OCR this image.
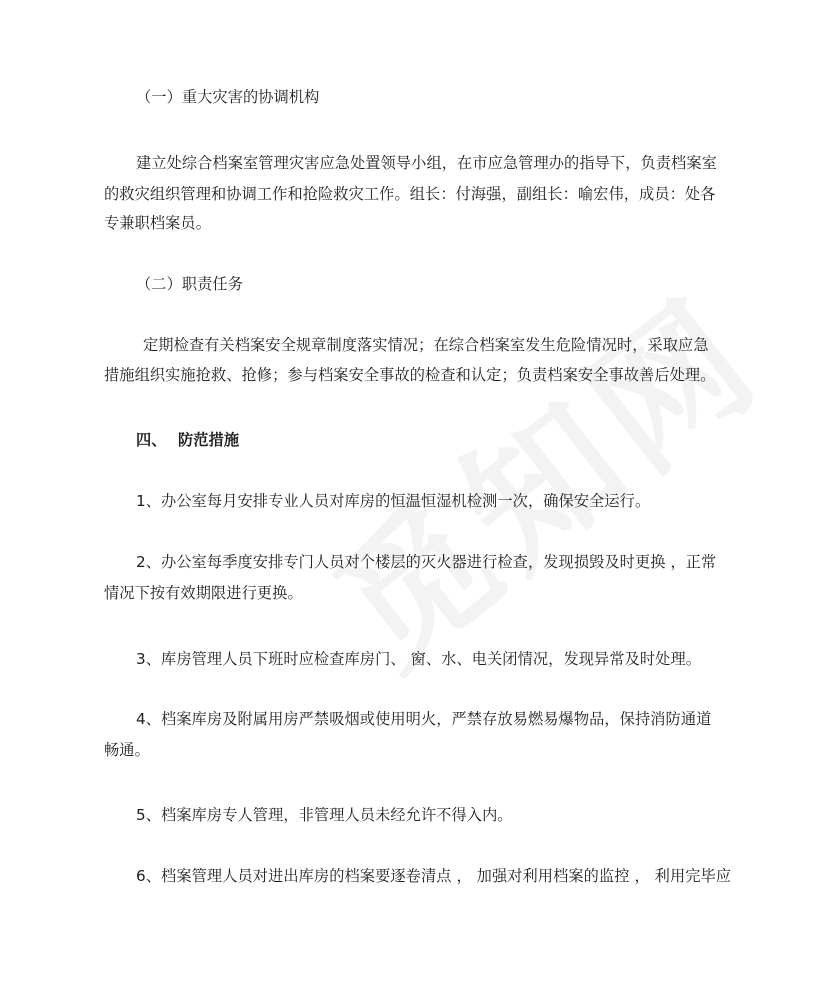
（一）重大灾害的协调机构

建立处综合档案室管理灾害应急处置领导小组，在市应急管理办的指导下，负责档案室

的救灾组织管理和协调工作和抢险救灾工作。组长：付海强，副组长：喻宏伟，成员：处各

专兼职档案员。

（二）职责任务

定期检查有关档案安全规章制度落实情况；在综合档案室发生危险情况时，采取应急

措施组织实施抢救、抢修；参与档案安全事故的检查和认定；负责档案安全事故善后处理。

四、 防范措施

1、办公室每月安排专业人员对库房的恒温恒湿机检测一次，确保安全运行。

2、办公室每季度安排专门人员对个楼层的灭火器进行检查，发现损毁及时更换 ，正常

情况下按有效期限进行更换。

3、库房管理人员下班时应检查库房门、 窗、水、电关闭情况，发现异常及时处理。

4、档案库房及附属用房严禁吸烟或使用明火，严禁存放易燃易爆物品，保持消防通道

畅通。

5、档案库房专人管理，非管理人员未经允许不得入内。

6、档案管理人员对进出库房的档案要逐卷清点 ， 加强对利用档案的监控 ， 利用完毕应
